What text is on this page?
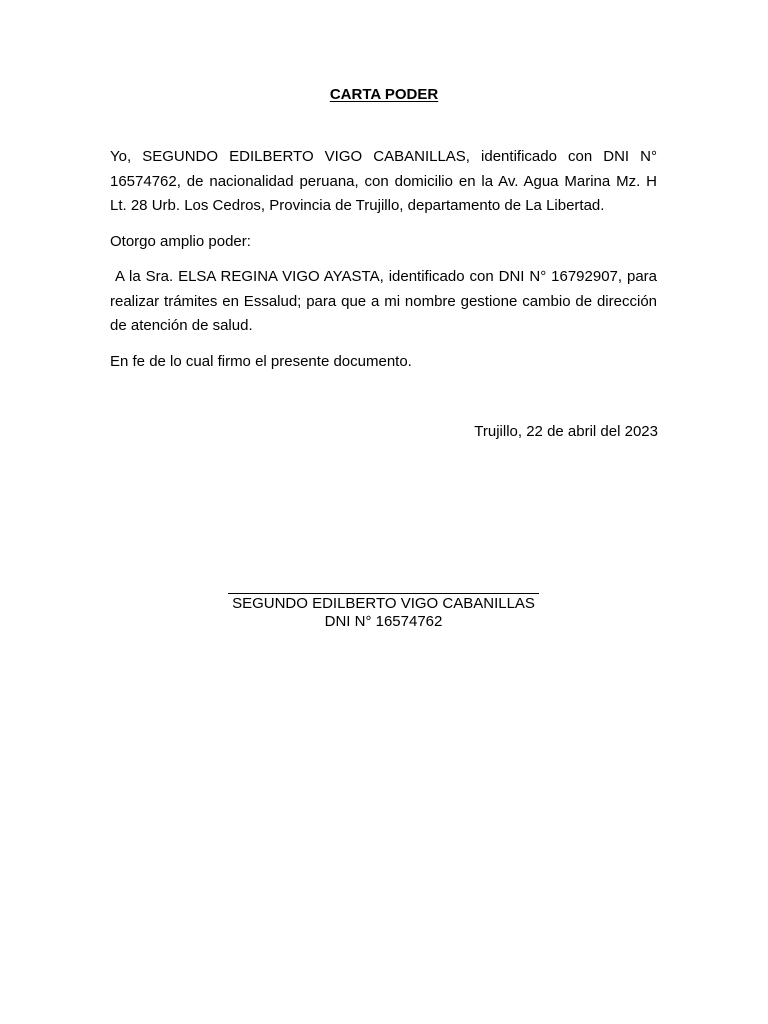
CARTA PODER
Yo, SEGUNDO EDILBERTO VIGO CABANILLAS, identificado con DNI N° 16574762, de nacionalidad peruana, con domicilio en la Av. Agua Marina Mz. H Lt. 28 Urb. Los Cedros, Provincia de Trujillo, departamento de La Libertad.
Otorgo amplio poder:
A la Sra. ELSA REGINA VIGO AYASTA, identificado con DNI N° 16792907, para realizar trámites en Essalud; para que a mi nombre gestione cambio de dirección de atención de salud.
En fe de lo cual firmo el presente documento.
Trujillo, 22 de abril del 2023
SEGUNDO EDILBERTO VIGO CABANILLAS
DNI N° 16574762
